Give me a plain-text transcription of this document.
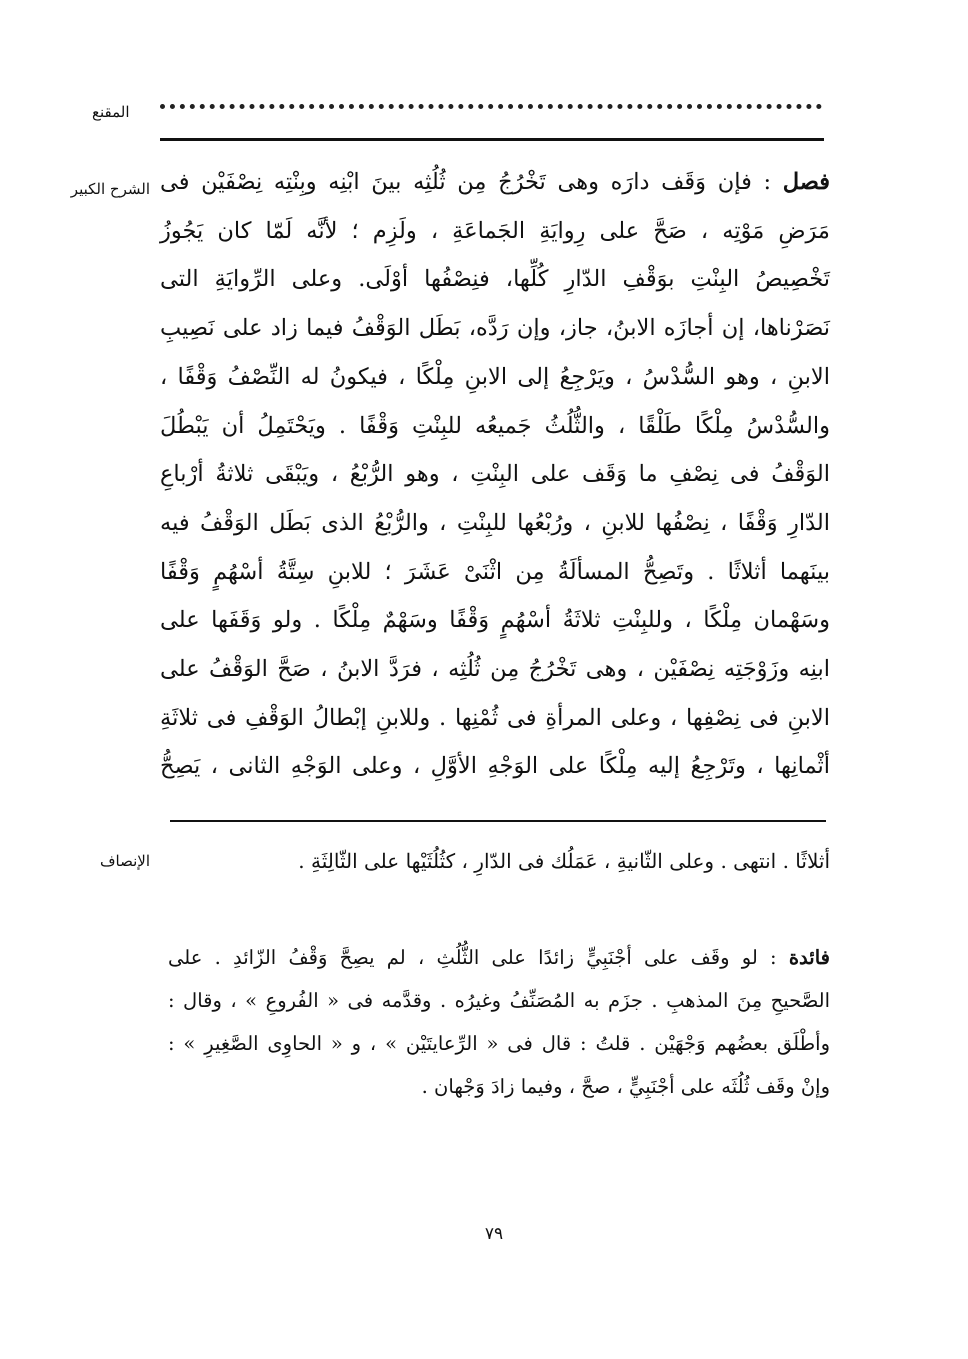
المقنع
الشرح الكبير	فصل : فإن وَقَف دارَه وهى تَخْرُجُ مِن ثُلُثِه بينَ ابْنِه وبِنْتِه نِصْفَيْن فى
مَرَضِ مَوْتِه ، صَحَّ على رِوايَةِ الجَماعَةِ ، ولَزِم ؛ لأنَّه لَمّا كان يَجُوزُ
تَخْصِيصُ البِنْتِ بوَقْفِ الدّارِ كُلِّها، فنِصْفُها أوْلَى. وعلى الرِّوايَةِ التى
نَصَرْناها، إن أجازَه الابنُ، جاز، وإن رَدَّه، بَطَل الوَقْفُ فيما زاد على نَصِيبِ
الابنِ ، وهو السُّدْسُ ، ويَرْجِعُ إلى الابنِ مِلْكًا ، فيكونُ له النِّصْفُ وَقْفًا ،
والسُّدْسُ مِلْكًا طَلْقًا ، والثُّلُثُ جَميعُه للبِنْتِ وَقْفًا . ويَحْتَمِلُ أن يَبْطُلَ
الوَقْفُ فى نِصْفِ ما وَقَف على البِنْتِ ، وهو الرُّبْعُ ، ويَبْقَى ثلاثةُ أرْباعِ
الدّارِ وَقْفًا ، نِصْفُها للابنِ ، ورُبْعُها للبِنْتِ ، والرُّبْعُ الذى بَطَل الوَقْفُ فيه
بينَهما أثلاثًا . وتَصِحُّ المسألَةُ مِن اثْنَىْ عَشَرَ ؛ للابنِ سِتَّةُ أسْهُمٍ وَقْفًا
وسَهْمان مِلْكًا ، وللبِنْتِ ثلاثَةُ أسْهُمٍ وَقْفًا وسَهْمٌ مِلْكًا . ولو وَقَفَها على
ابنِه وزَوْجَتِه نِصْفَيْن ، وهى تَخْرُجُ مِن ثُلُثِه ، فرَدَّ الابنُ ، صَحَّ الوَقْفُ على
الابنِ فى نِصْفِها ، وعلى المرأةِ فى ثُمْنِها . وللابنِ إبْطالُ الوَقْفِ فى ثلاثَةِ
أثْمانِها ، وتَرْجِعُ إليه مِلْكًا على الوَجْهِ الأوَّلِ ، وعلى الوَجْهِ الثانى ، يَصِحُّ
الإنصاف	أثلاثًا . انتهى . وعلى الثّانيةِ ، عَمَلُك فى الدّارِ ، كثُلُثَيْها على الثّالِثَةِ .
فائدة : لو وقَف على أجْنَبِيٍّ زائدًا على الثُّلُثِ ، لم يصِحَّ وَقْفُ الزّائدِ . على
الصَّحيحِ مِنَ المذهبِ . جزَم به المُصَنِّفُ وغيرُه . وقدَّمه فى « الفُروعِ » ، وقال :
وأطْلَق بعضُهم وَجْهَيْن . قلتُ : قال فى « الرِّعايتَيْن » ، و « الحاوِى الصَّغِيرِ » :
وإنْ وقَف ثُلُثَه على أجْنَبِيٍّ ، صحَّ ، وفيما زادَ وَجْهان .
٧٩
